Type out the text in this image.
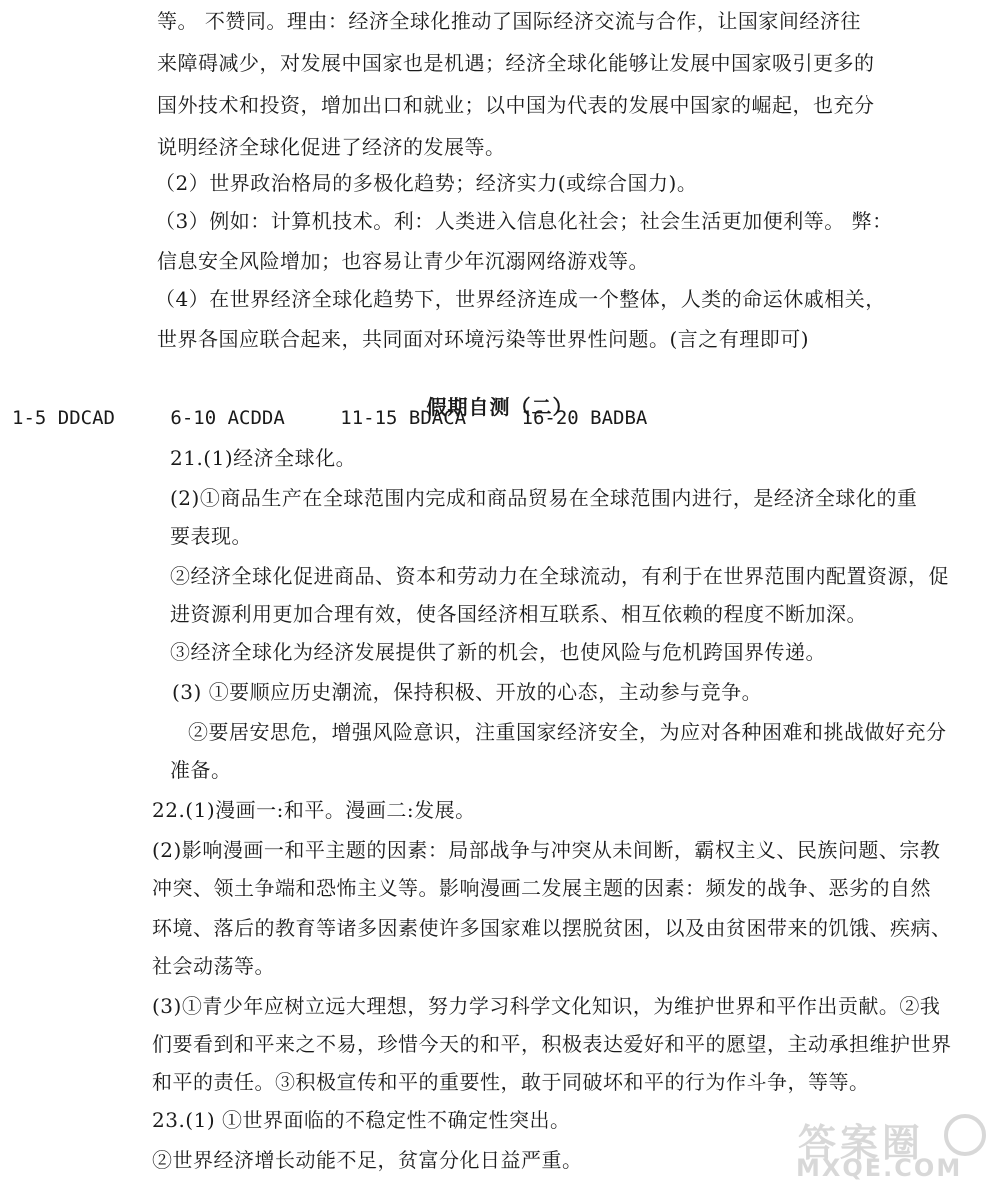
等。 不赞同。理由：经济全球化推动了国际经济交流与合作，让国家间经济往
来障碍减少，对发展中国家也是机遇；经济全球化能够让发展中国家吸引更多的
国外技术和投资，增加出口和就业；以中国为代表的发展中国家的崛起，也充分
说明经济全球化促进了经济的发展等。
（2）世界政治格局的多极化趋势；经济实力(或综合国力)。
（3）例如：计算机技术。利：人类进入信息化社会；社会生活更加便利等。 弊：
信息安全风险增加；也容易让青少年沉溺网络游戏等。
（4）在世界经济全球化趋势下，世界经济连成一个整体，人类的命运休戚相关，
世界各国应联合起来，共同面对环境污染等世界性问题。(言之有理即可)
假期自测（二）
1-5 DDCAD	6-10 ACDDA	11-15 BDACA	16-20 BADBA
21.(1)经济全球化。
(2)①商品生产在全球范围内完成和商品贸易在全球范围内进行，是经济全球化的重
要表现。
②经济全球化促进商品、资本和劳动力在全球流动，有利于在世界范围内配置资源，促
进资源利用更加合理有效，使各国经济相互联系、相互依赖的程度不断加深。
③经济全球化为经济发展提供了新的机会，也使风险与危机跨国界传递。
(3) ①要顺应历史潮流，保持积极、开放的心态，主动参与竞争。
②要居安思危，增强风险意识，注重国家经济安全，为应对各种困难和挑战做好充分
准备。
22.(1)漫画一:和平。漫画二:发展。
(2)影响漫画一和平主题的因素：局部战争与冲突从未间断，霸权主义、民族问题、宗教
冲突、领土争端和恐怖主义等。影响漫画二发展主题的因素：频发的战争、恶劣的自然
环境、落后的教育等诸多因素使许多国家难以摆脱贫困，以及由贫困带来的饥饿、疾病、
社会动荡等。
(3)①青少年应树立远大理想，努力学习科学文化知识，为维护世界和平作出贡献。②我
们要看到和平来之不易，珍惜今天的和平，积极表达爱好和平的愿望，主动承担维护世界
和平的责任。③积极宣传和平的重要性，敢于同破坏和平的行为作斗争，等等。
23.(1) ①世界面临的不稳定性不确定性突出。
②世界经济增长动能不足，贫富分化日益严重。	答案圈
MXQE.COM
